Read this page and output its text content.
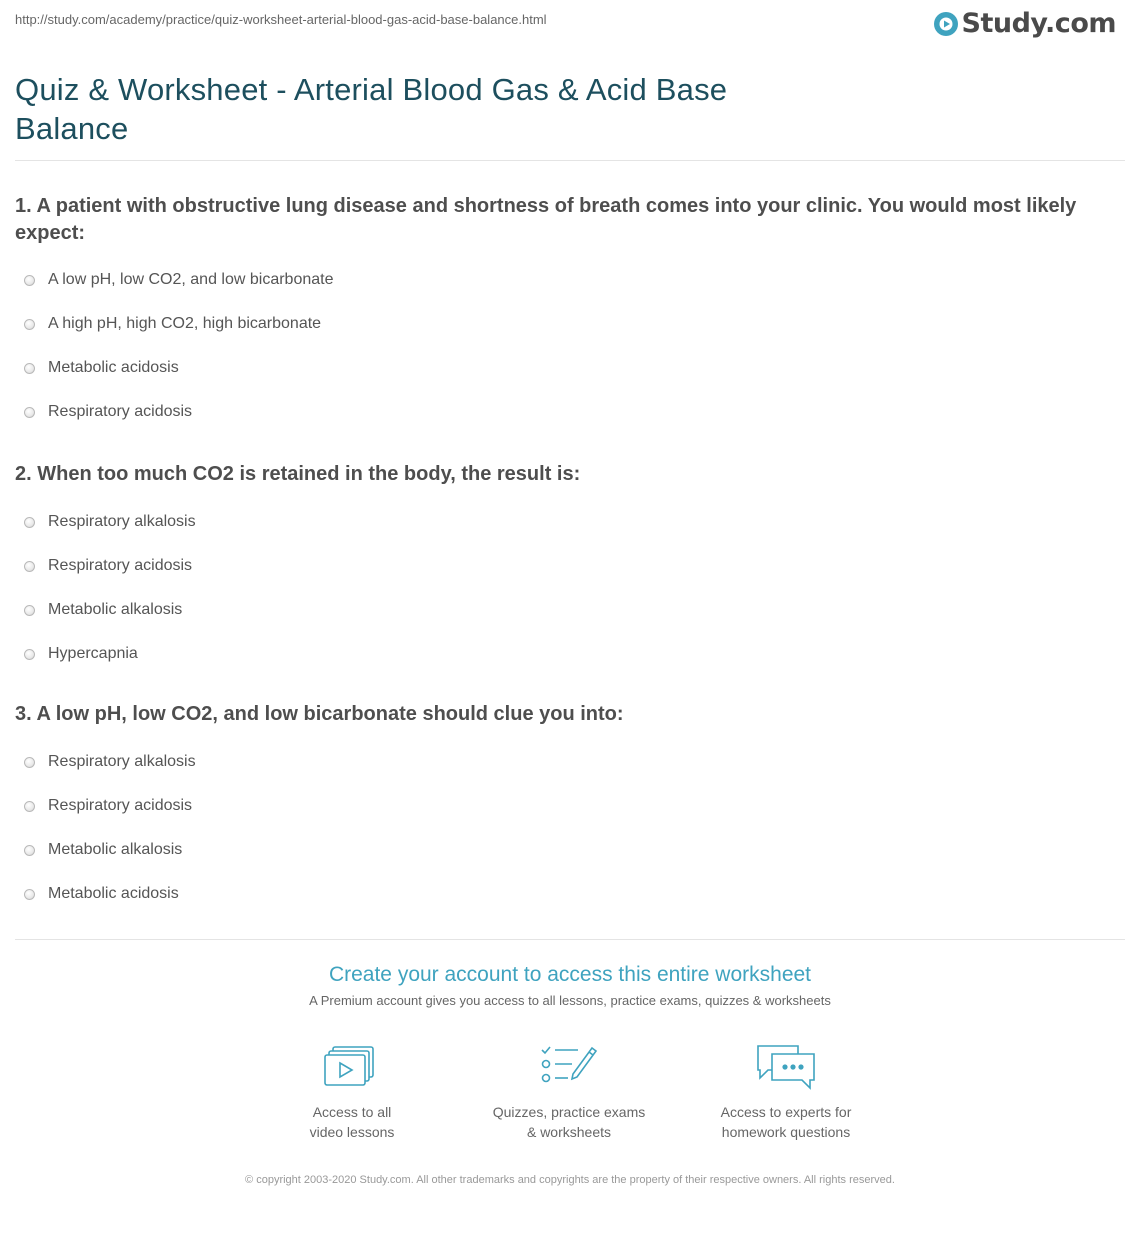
http://study.com/academy/practice/quiz-worksheet-arterial-blood-gas-acid-base-balance.html	Study.com
Quiz & Worksheet - Arterial Blood Gas & Acid Base Balance

1. A patient with obstructive lung disease and shortness of breath comes into your clinic. You would most likely expect:

A low pH, low CO2, and low bicarbonate
A high pH, high CO2, high bicarbonate
Metabolic acidosis
Respiratory acidosis

2. When too much CO2 is retained in the body, the result is:

Respiratory alkalosis
Respiratory acidosis
Metabolic alkalosis
Hypercapnia

3. A low pH, low CO2, and low bicarbonate should clue you into:

Respiratory alkalosis
Respiratory acidosis
Metabolic alkalosis
Metabolic acidosis
Create your account to access this entire worksheet
A Premium account gives you access to all lessons, practice exams, quizzes & worksheets
Access to all
video lessons
Quizzes, practice exams
& worksheets
Access to experts for
homework questions
© copyright 2003-2020 Study.com. All other trademarks and copyrights are the property of their respective owners. All rights reserved.
